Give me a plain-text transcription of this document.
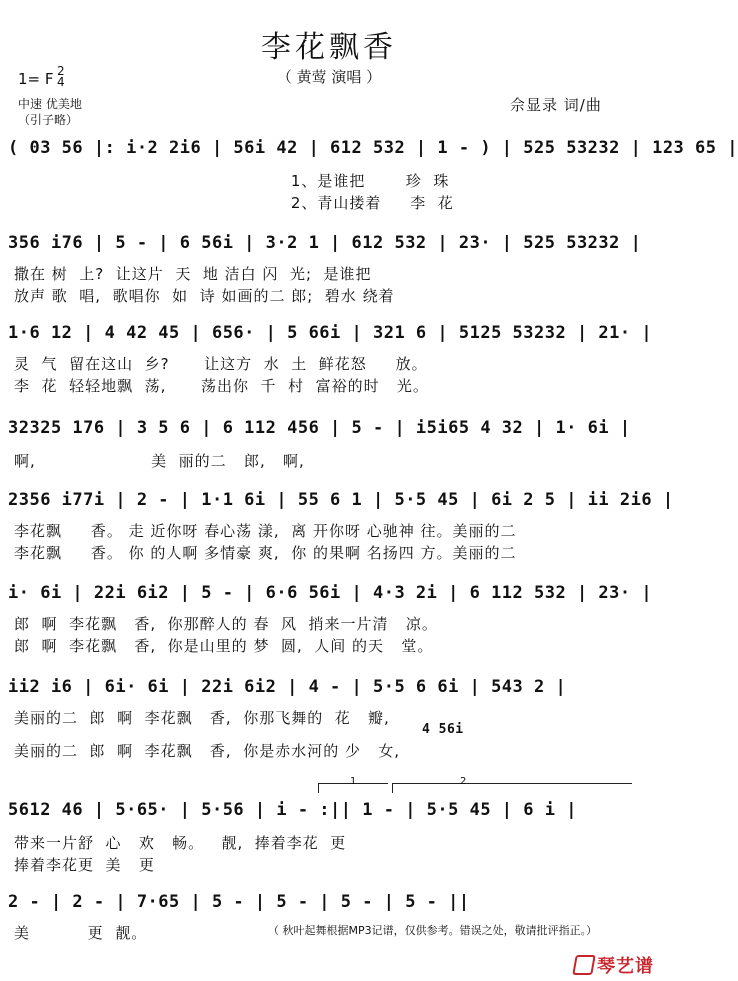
李花飘香
（ 黄莺 演唱 ）
1= F 2
4
中速 优美地
（引子略）
佘显录 词/曲
( 03 56 |: i·2 2i6 | 56i 42 | 612 532 | 1 - ) | 525 53232 | 123 65 |
1、是谁把       珍  珠
2、青山搂着     李  花
356 i76 | 5 - | 6 56i | 3·2 1 | 612 532 | 23· | 525 53232 |
撒在 树  上?  让这片  天  地 洁白 闪  光;  是谁把
放声 歌  唱,  歌唱你  如  诗 如画的二 郎;  碧水 绕着
1·6 12 | 4 42 45 | 656· | 5 66i | 321 6 | 5125 53232 | 21· |
灵  气  留在这山  乡?      让这方  水  土  鲜花怒     放。
李  花  轻轻地飘  荡,      荡出你  千  村  富裕的时   光。
32325 176 | 3 5 6 | 6 112 456 | 5 - | i5i65 4 32 | 1· 6i |
啊,                    美  丽的二   郎,   啊,
2356 i77i | 2 - | 1·1 6i | 55 6 1 | 5·5 45 | 6i 2 5 | ii 2i6 |
李花飘     香。 走 近你呀 春心荡 漾,  离 开你呀 心驰神 往。美丽的二
李花飘     香。 你 的人啊 多情豪 爽,  你 的果啊 名扬四 方。美丽的二
i· 6i | 22i 6i2 | 5 - | 6·6 56i | 4·3 2i | 6 112 532 | 23· |
郎  啊  李花飘   香,  你那醉人的 春  风  捎来一片清   凉。
郎  啊  李花飘   香,  你是山里的 梦  圆,  人间 的天   堂。
ii2 i6 | 6i· 6i | 22i 6i2 | 4 - | 5·5 6 6i | 543 2 |
美丽的二  郎  啊  李花飘   香,  你那飞舞的  花   瓣,
4 56i
美丽的二  郎  啊  李花飘   香,  你是赤水河的 少   女,
1	2
5612 46 | 5·65· | 5·56 | i - :|| 1 - | 5·5 45 | 6 i |
带来一片舒  心   欢   畅。   靓,  捧着李花  更
捧着李花更  美   更
2 - | 2 - | 7·65 | 5 - | 5 - | 5 - | 5 - ||
美          更  靓。	（ 秋叶起舞根据MP3记谱，仅供参考。错误之处，敬请批评指正。）
琴艺谱
